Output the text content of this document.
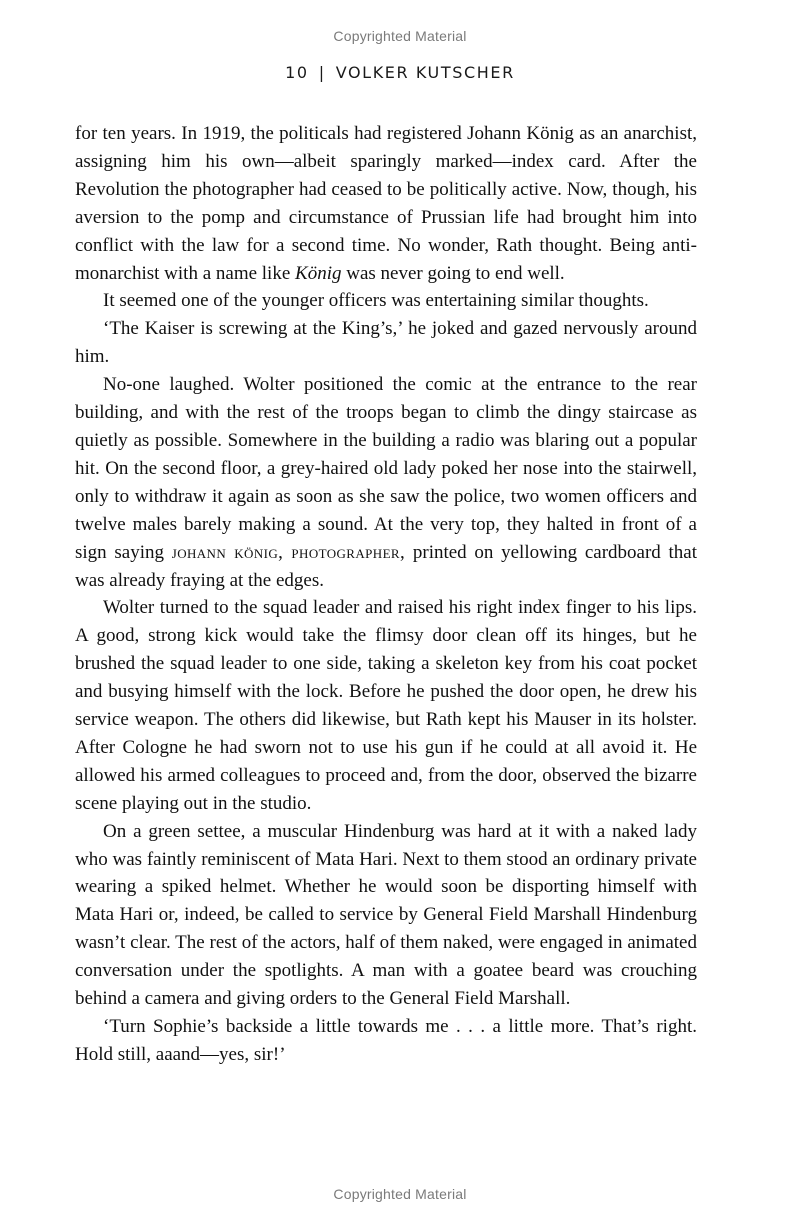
Copyrighted Material
10 | VOLKER KUTSCHER

for ten years. In 1919, the politicals had registered Johann König as an anarchist, assigning him his own—albeit sparingly marked—index card. After the Revolution the photographer had ceased to be politically active. Now, though, his aversion to the pomp and circumstance of Prussian life had brought him into conflict with the law for a second time. No wonder, Rath thought. Being anti-monarchist with a name like König was never going to end well.

It seemed one of the younger officers was entertaining similar thoughts.

‘The Kaiser is screwing at the King’s,’ he joked and gazed nervously around him.

No-one laughed. Wolter positioned the comic at the entrance to the rear building, and with the rest of the troops began to climb the dingy staircase as quietly as possible. Somewhere in the building a radio was blaring out a popular hit. On the second floor, a grey-haired old lady poked her nose into the stairwell, only to withdraw it again as soon as she saw the police, two women officers and twelve males barely making a sound. At the very top, they halted in front of a sign saying johann könig, photographer, printed on yellowing cardboard that was already fraying at the edges.

Wolter turned to the squad leader and raised his right index finger to his lips. A good, strong kick would take the flimsy door clean off its hinges, but he brushed the squad leader to one side, taking a skeleton key from his coat pocket and busying himself with the lock. Before he pushed the door open, he drew his service weapon. The others did likewise, but Rath kept his Mauser in its holster. After Cologne he had sworn not to use his gun if he could at all avoid it. He allowed his armed colleagues to proceed and, from the door, observed the bizarre scene playing out in the studio.

On a green settee, a muscular Hindenburg was hard at it with a naked lady who was faintly reminiscent of Mata Hari. Next to them stood an ordinary private wearing a spiked helmet. Whether he would soon be disporting himself with Mata Hari or, indeed, be called to service by General Field Marshall Hindenburg wasn’t clear. The rest of the actors, half of them naked, were engaged in animated conversation under the spotlights. A man with a goatee beard was crouching behind a camera and giving orders to the General Field Marshall.

‘Turn Sophie’s backside a little towards me . . . a little more. That’s right. Hold still, aaand—yes, sir!’

Copyrighted Material
